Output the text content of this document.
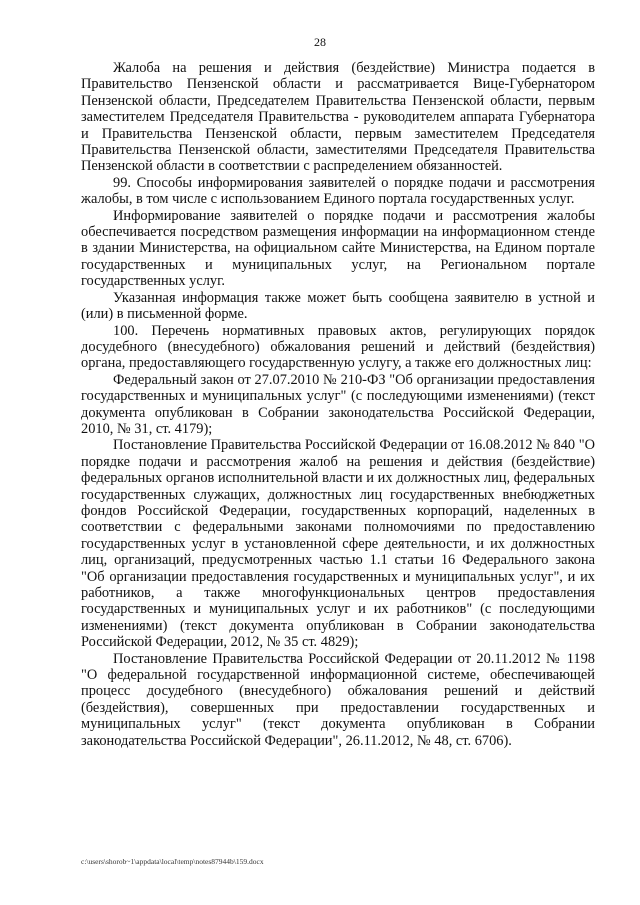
28

Жалоба на решения и действия (бездействие) Министра подается в Правительство Пензенской области и рассматривается Вице-Губернатором Пензенской области, Председателем Правительства Пензенской области, первым заместителем Председателя Правительства - руководителем аппарата Губернатора и Правительства Пензенской области, первым заместителем Председателя Правительства Пензенской области, заместителями Председателя Правительства Пензенской области в соответствии с распределением обязанностей.

99. Способы информирования заявителей о порядке подачи и рассмотрения жалобы, в том числе с использованием Единого портала государственных услуг.

Информирование заявителей о порядке подачи и рассмотрения жалобы обеспечивается посредством размещения информации на информационном стенде в здании Министерства, на официальном сайте Министерства, на Едином портале государственных и муниципальных услуг, на Региональном портале государственных услуг.

Указанная информация также может быть сообщена заявителю в устной и (или) в письменной форме.

100. Перечень нормативных правовых актов, регулирующих порядок досудебного (внесудебного) обжалования решений и действий (бездействия) органа, предоставляющего государственную услугу, а также его должностных лиц:

Федеральный закон от 27.07.2010 № 210-ФЗ "Об организации предоставления государственных и муниципальных услуг" (с последующими изменениями) (текст документа опубликован в Собрании законодательства Российской Федерации, 2010, № 31, ст. 4179);

Постановление Правительства Российской Федерации от 16.08.2012 № 840 "О порядке подачи и рассмотрения жалоб на решения и действия (бездействие) федеральных органов исполнительной власти и их должностных лиц, федеральных государственных служащих, должностных лиц государственных внебюджетных фондов Российской Федерации, государственных корпораций, наделенных в соответствии с федеральными законами полномочиями по предоставлению государственных услуг в установленной сфере деятельности, и их должностных лиц, организаций, предусмотренных частью 1.1 статьи 16 Федерального закона "Об организации предоставления государственных и муниципальных услуг", и их работников, а также многофункциональных центров предоставления государственных и муниципальных услуг и их работников" (с последующими изменениями) (текст документа опубликован в Собрании законодательства Российской Федерации, 2012, № 35 ст. 4829);

Постановление Правительства Российской Федерации от 20.11.2012 № 1198 "О федеральной государственной информационной системе, обеспечивающей процесс досудебного (внесудебного) обжалования решений и действий (бездействия), совершенных при предоставлении государственных и муниципальных услуг" (текст документа опубликован в Собрании законодательства Российской Федерации", 26.11.2012, № 48, ст. 6706).

c:\users\shorob~1\appdata\local\temp\notes87944b\159.docx
